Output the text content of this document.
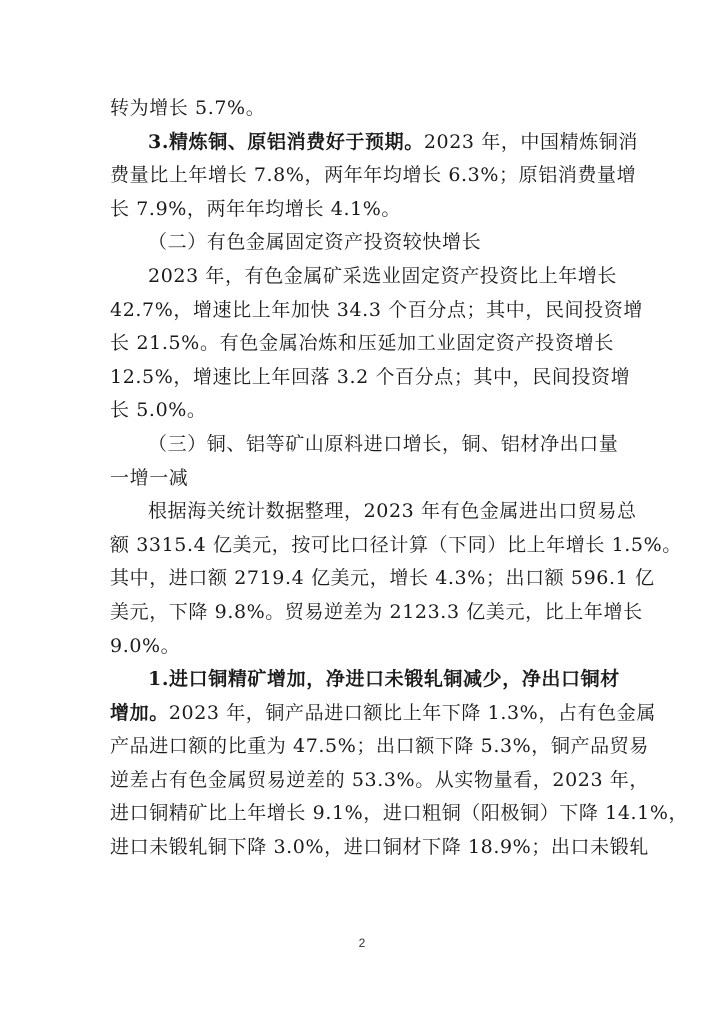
转为增长 5.7%。
3.精炼铜、原铝消费好于预期。2023 年，中国精炼铜消
费量比上年增长 7.8%，两年年均增长 6.3%；原铝消费量增
长 7.9%，两年年均增长 4.1%。
（二）有色金属固定资产投资较快增长
2023 年，有色金属矿采选业固定资产投资比上年增长
42.7%，增速比上年加快 34.3 个百分点；其中，民间投资增
长 21.5%。有色金属冶炼和压延加工业固定资产投资增长
12.5%，增速比上年回落 3.2 个百分点；其中，民间投资增
长 5.0%。
（三）铜、铝等矿山原料进口增长，铜、铝材净出口量
一增一减
根据海关统计数据整理，2023 年有色金属进出口贸易总
额 3315.4 亿美元，按可比口径计算（下同）比上年增长 1.5%。
其中，进口额 2719.4 亿美元，增长 4.3%；出口额 596.1 亿
美元，下降 9.8%。贸易逆差为 2123.3 亿美元，比上年增长
9.0%。
1.进口铜精矿增加，净进口未锻轧铜减少，净出口铜材
增加。2023 年，铜产品进口额比上年下降 1.3%，占有色金属
产品进口额的比重为 47.5%；出口额下降 5.3%，铜产品贸易
逆差占有色金属贸易逆差的 53.3%。从实物量看，2023 年，
进口铜精矿比上年增长 9.1%，进口粗铜（阳极铜）下降 14.1%，
进口未锻轧铜下降 3.0%，进口铜材下降 18.9%；出口未锻轧
2
